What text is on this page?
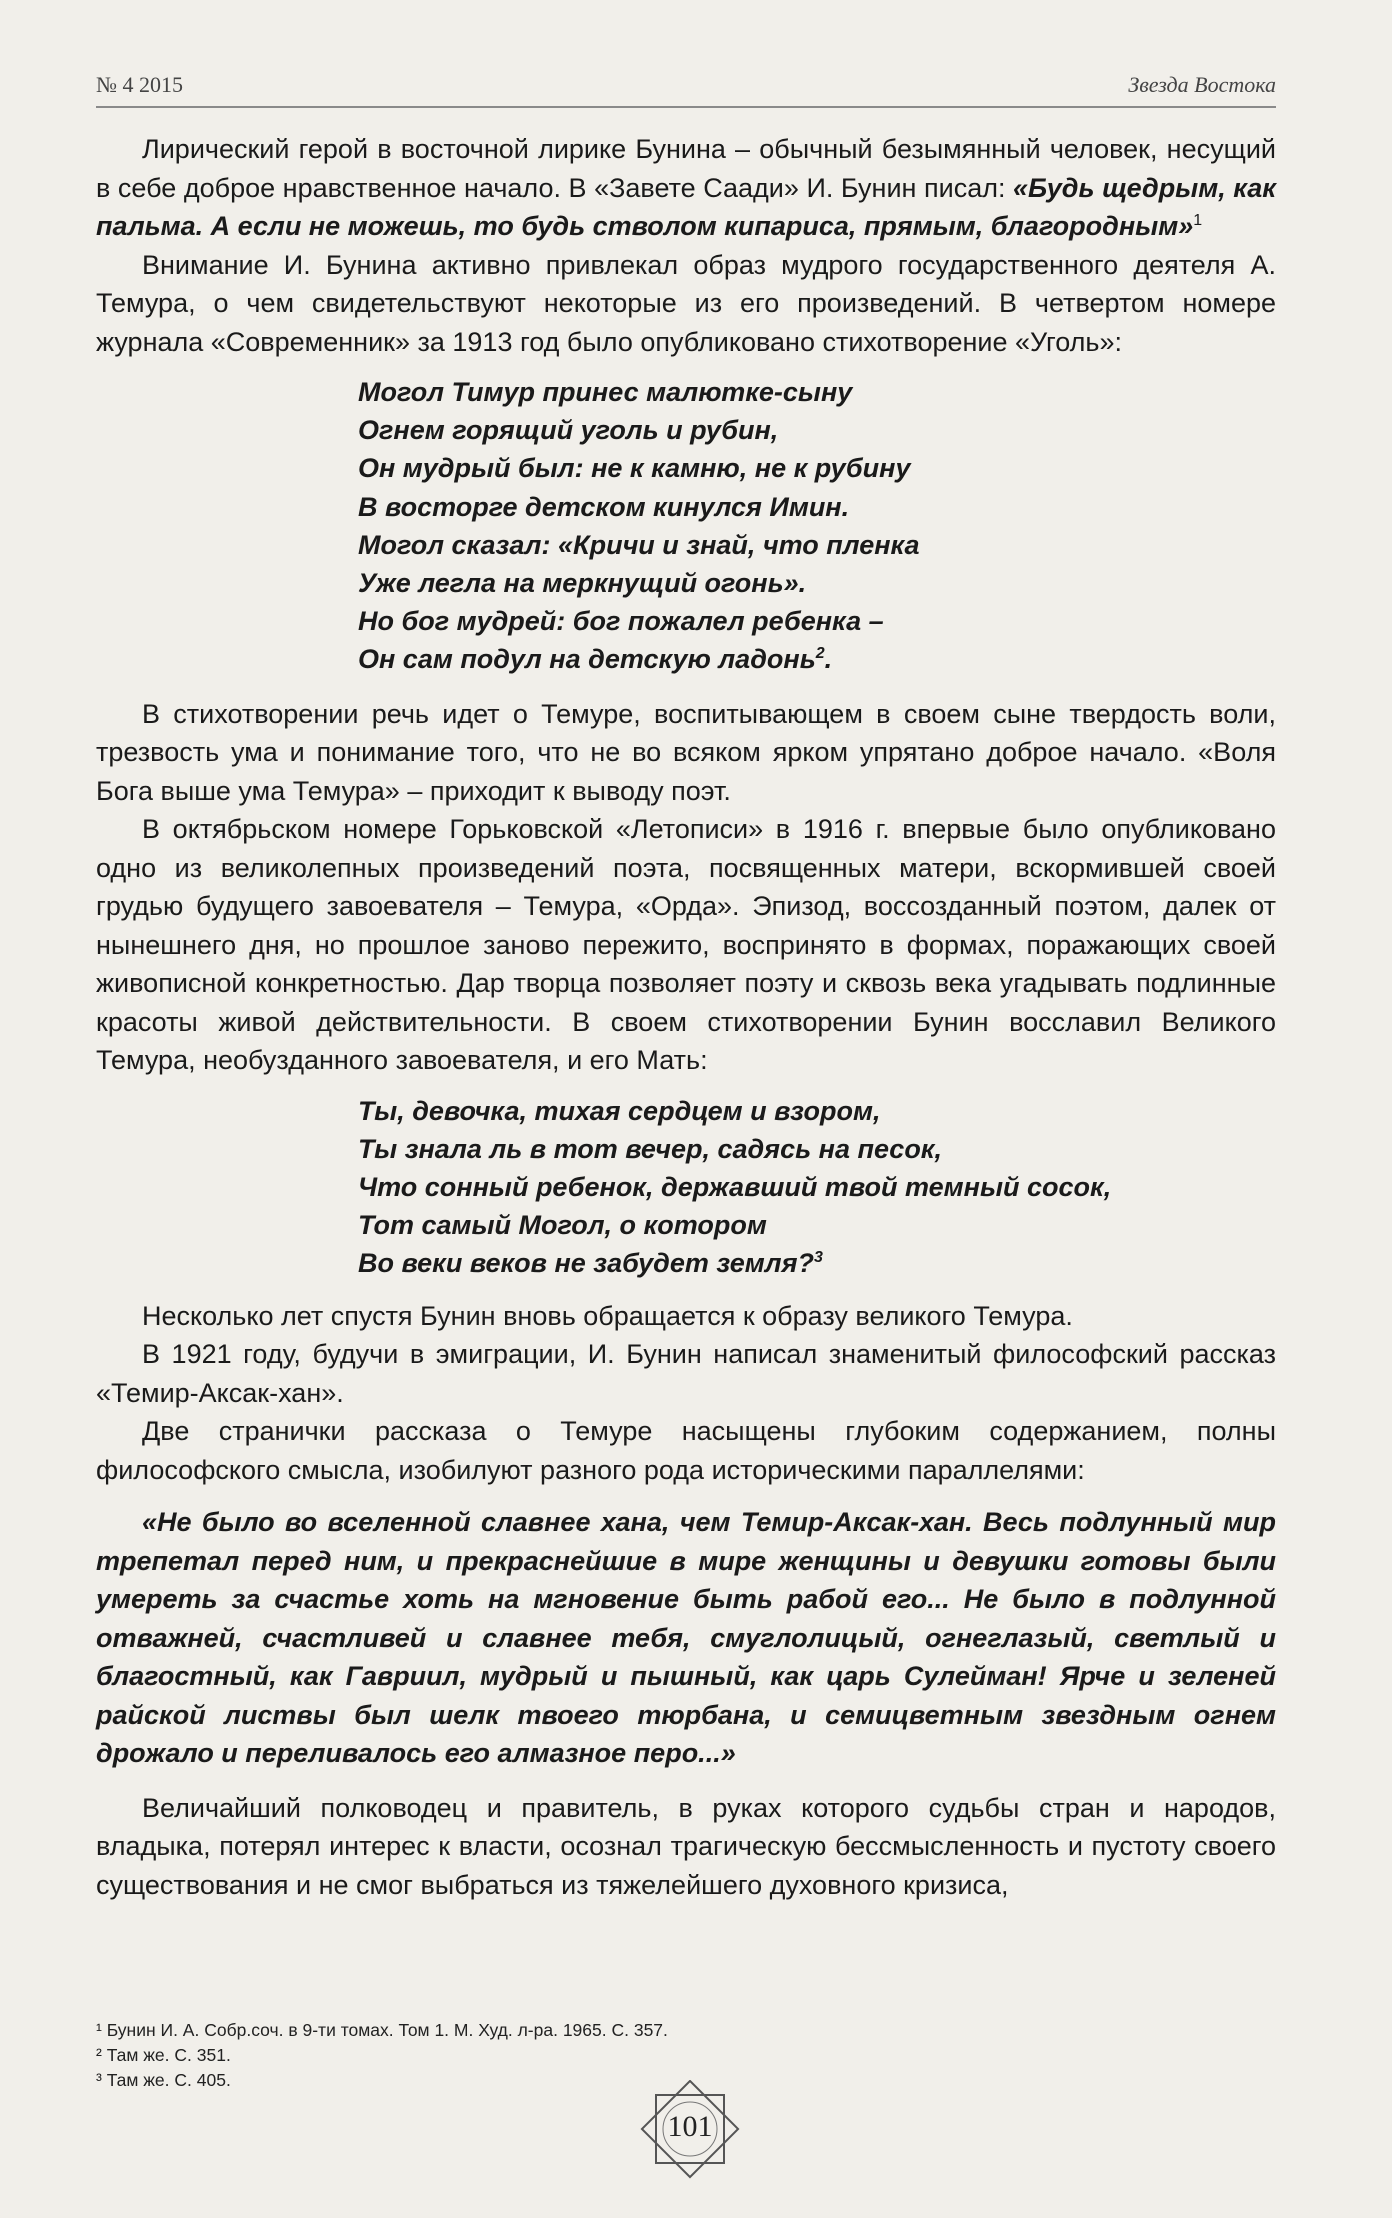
№ 4 2015	Звезда Востока

Лирический герой в восточной лирике Бунина – обычный безымянный человек, несущий в себе доброе нравственное начало. В «Завете Саади» И. Бунин писал: «Будь щедрым, как пальма. А если не можешь, то будь стволом кипариса, прямым, благородным»$^1$

Внимание И. Бунина активно привлекал образ мудрого государственного деятеля А. Темура, о чем свидетельствуют некоторые из его произведений. В четвертом номере журнала «Современник» за 1913 год было опубликовано стихотворение «Уголь»:

Могол Тимур принес малютке-сыну
Огнем горящий уголь и рубин,
Он мудрый был: не к камню, не к рубину
В восторге детском кинулся Имин.
Могол сказал: «Кричи и знай, что пленка
Уже легла на меркнущий огонь».
Но бог мудрей: бог пожалел ребенка –
Он сам подул на детскую ладонь$^2$.

В стихотворении речь идет о Темуре, воспитывающем в своем сыне твердость воли, трезвость ума и понимание того, что не во всяком ярком упрятано доброе начало. «Воля Бога выше ума Темура» – приходит к выводу поэт.

В октябрьском номере Горьковской «Летописи» в 1916 г. впервые было опубликовано одно из великолепных произведений поэта, посвященных матери, вскормившей своей грудью будущего завоевателя – Темура, «Орда». Эпизод, воссозданный поэтом, далек от нынешнего дня, но прошлое заново пережито, воспринято в формах, поражающих своей живописной конкретностью. Дар творца позволяет поэту и сквозь века угадывать подлинные красоты живой действительности. В своем стихотворении Бунин восславил Великого Темура, необузданного завоевателя, и его Мать:

Ты, девочка, тихая сердцем и взором,
Ты знала ль в тот вечер, садясь на песок,
Что сонный ребенок, державший твой темный сосок,
Тот самый Могол, о котором
Во веки веков не забудет земля?$^3$

Несколько лет спустя Бунин вновь обращается к образу великого Темура.

В 1921 году, будучи в эмиграции, И. Бунин написал знаменитый философский рассказ «Темир-Аксак-хан».

Две странички рассказа о Темуре насыщены глубоким содержанием, полны философского смысла, изобилуют разного рода историческими параллелями:

«Не было во вселенной славнее хана, чем Темир-Аксак-хан. Весь подлунный мир трепетал перед ним, и прекраснейшие в мире женщины и девушки готовы были умереть за счастье хоть на мгновение быть рабой его... Не было в подлунной отважней, счастливей и славнее тебя, смуглолицый, огнеглазый, светлый и благостный, как Гавриил, мудрый и пышный, как царь Сулейман! Ярче и зеленей райской листвы был шелк твоего тюрбана, и семицветным звездным огнем дрожало и переливалось его алмазное перо...»

Величайший полководец и правитель, в руках которого судьбы стран и народов, владыка, потерял интерес к власти, осознал трагическую бессмысленность и пустоту своего существования и не смог выбраться из тяжелейшего духовного кризиса,

¹ Бунин И. А. Собр.соч. в 9-ти томах. Том 1. М. Худ. л-ра. 1965. С. 357.
² Там же. С. 351.
³ Там же. С. 405.
101
